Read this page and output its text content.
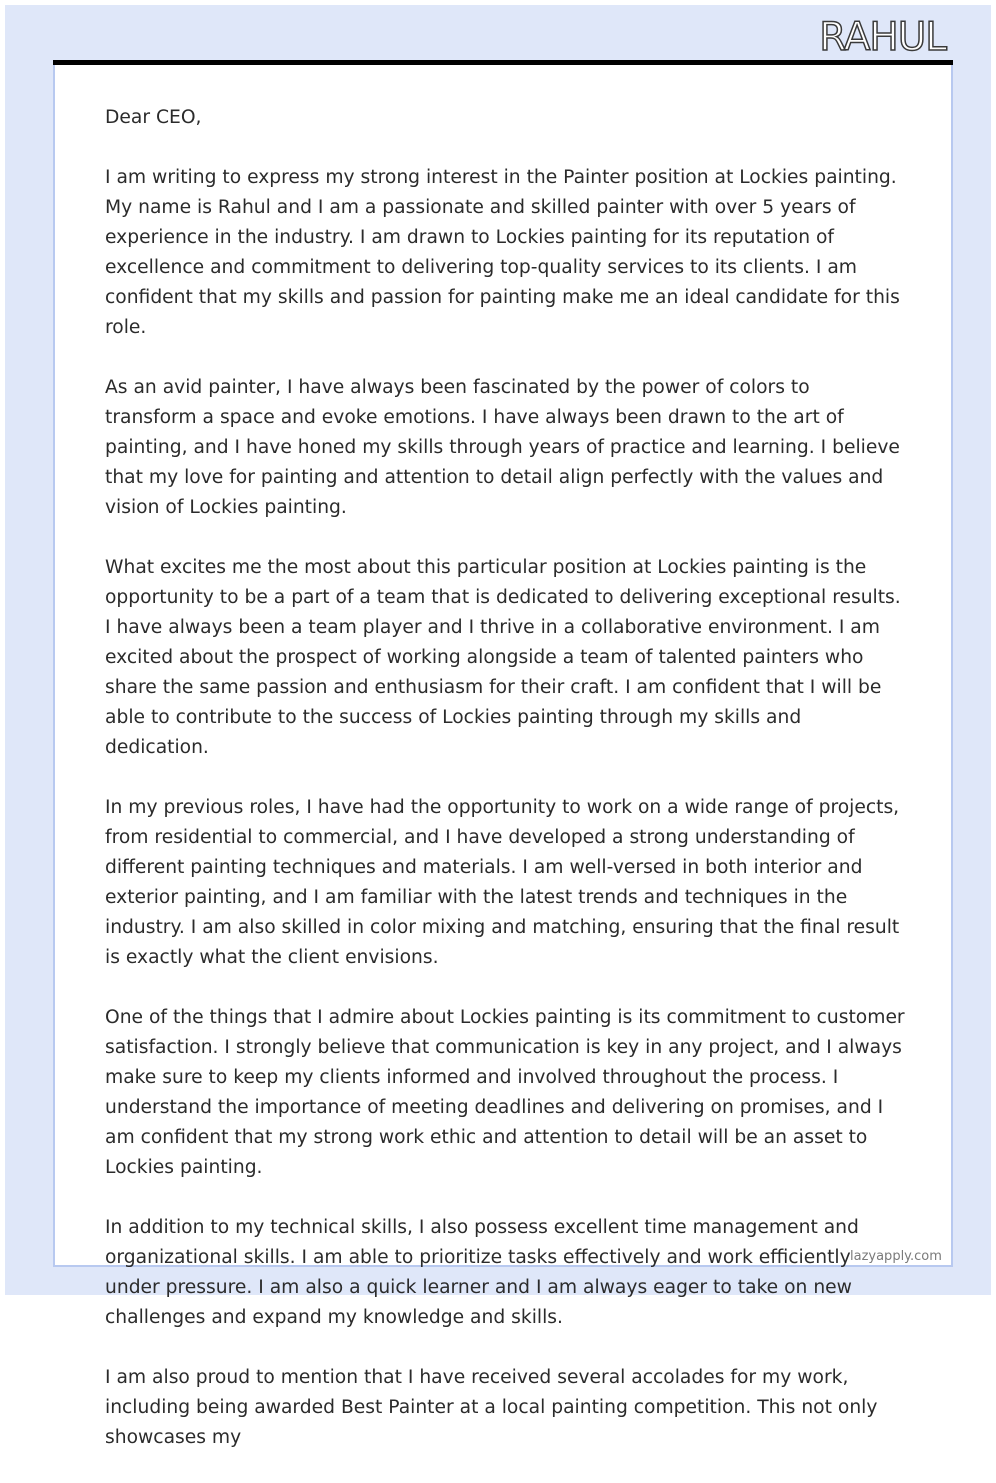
RAHUL

Dear CEO,

I am writing to express my strong interest in the Painter position at Lockies painting. My name is Rahul and I am a passionate and skilled painter with over 5 years of experience in the industry. I am drawn to Lockies painting for its reputation of excellence and commitment to delivering top-quality services to its clients. I am confident that my skills and passion for painting make me an ideal candidate for this role.

As an avid painter, I have always been fascinated by the power of colors to transform a space and evoke emotions. I have always been drawn to the art of painting, and I have honed my skills through years of practice and learning. I believe that my love for painting and attention to detail align perfectly with the values and vision of Lockies painting.

What excites me the most about this particular position at Lockies painting is the opportunity to be a part of a team that is dedicated to delivering exceptional results. I have always been a team player and I thrive in a collaborative environment. I am excited about the prospect of working alongside a team of talented painters who share the same passion and enthusiasm for their craft. I am confident that I will be able to contribute to the success of Lockies painting through my skills and dedication.

In my previous roles, I have had the opportunity to work on a wide range of projects, from residential to commercial, and I have developed a strong understanding of different painting techniques and materials. I am well-versed in both interior and exterior painting, and I am familiar with the latest trends and techniques in the industry. I am also skilled in color mixing and matching, ensuring that the final result is exactly what the client envisions.

One of the things that I admire about Lockies painting is its commitment to customer satisfaction. I strongly believe that communication is key in any project, and I always make sure to keep my clients informed and involved throughout the process. I understand the importance of meeting deadlines and delivering on promises, and I am confident that my strong work ethic and attention to detail will be an asset to Lockies painting.

In addition to my technical skills, I also possess excellent time management and organizational skills. I am able to prioritize tasks effectively and work efficiently under pressure. I am also a quick learner and I am always eager to take on new challenges and expand my knowledge and skills.

I am also proud to mention that I have received several accolades for my work, including being awarded Best Painter at a local painting competition. This not only showcases my

lazyapply.com
